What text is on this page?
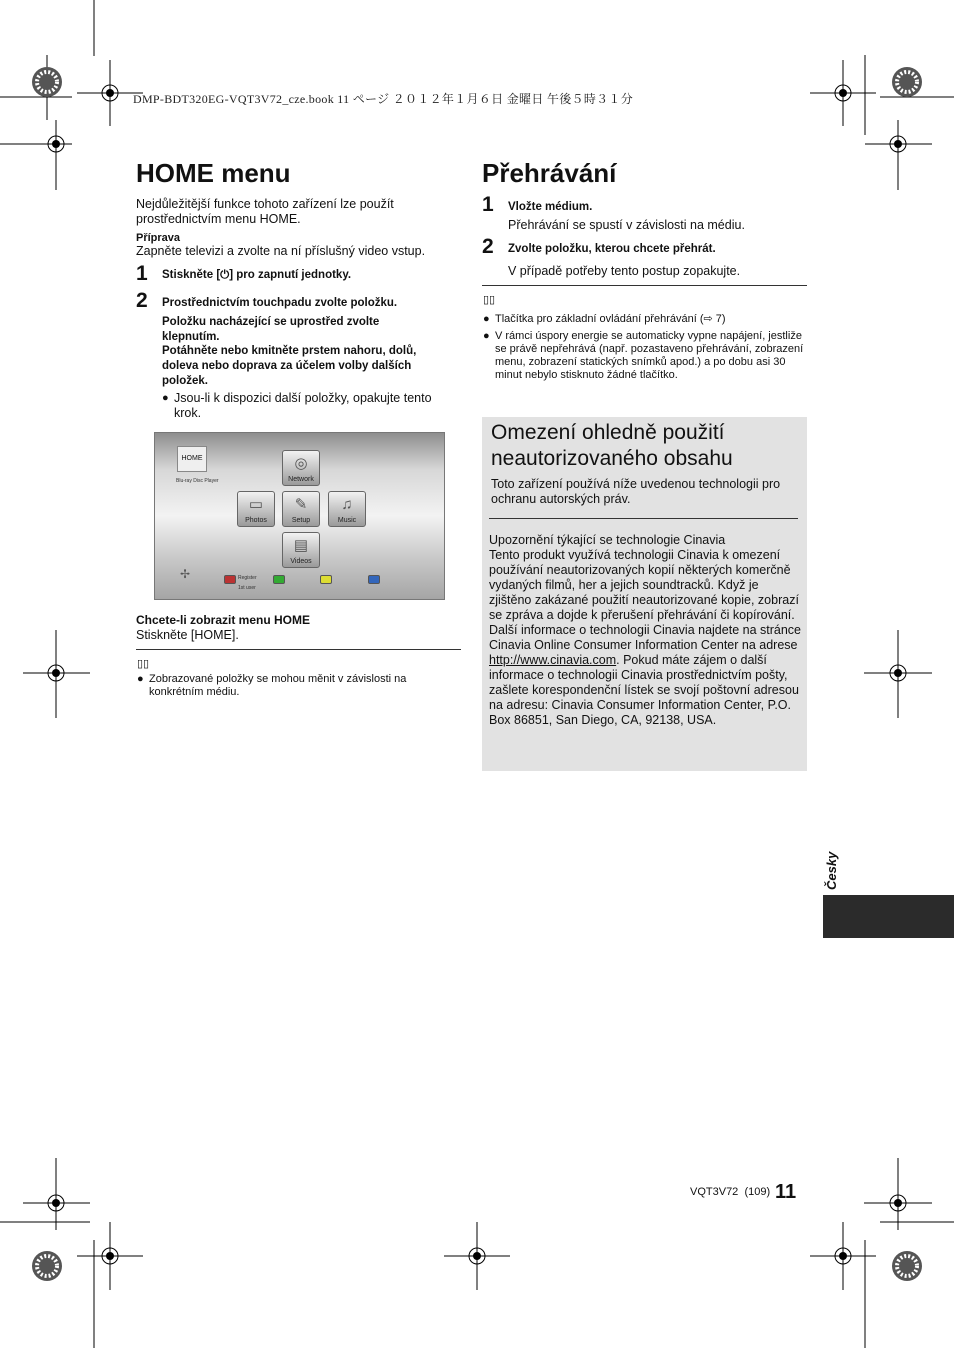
DMP-BDT320EG-VQT3V72_cze.book 11 ページ ２０１２年１月６日 金曜日 午後５時３１分
HOME menu
Nejdůležitější funkce tohoto zařízení lze použít prostřednictvím menu HOME.
Příprava
Zapněte televizi a zvolte na ní příslušný video vstup.
1 Stiskněte [⏻] pro zapnutí jednotky.
2 Prostřednictvím touchpadu zvolte položku.
Položku nacházející se uprostřed zvolte klepnutím.
Potáhněte nebo kmitněte prstem nahoru, dolů, doleva nebo doprava za účelem volby dalších položek.
● Jsou-li k dispozici další položky, opakujte tento krok.
HOME
Blu-ray Disc Player
◎
Network
▭
Photos
✎
Setup
♫
Music
▤
Videos
✢	Register
1st user
Chcete-li zobrazit menu HOME
Stiskněte [HOME].
▯▯
● Zobrazované položky se mohou měnit v závislosti na konkrétním médiu.
Přehrávání
1 Vložte médium.
Přehrávání se spustí v závislosti na médiu.
2 Zvolte položku, kterou chcete přehrát.
V případě potřeby tento postup zopakujte.
▯▯
● Tlačítka pro základní ovládání přehrávání (⇨ 7)
● V rámci úspory energie se automaticky vypne napájení, jestliže se právě nepřehrává (např. pozastaveno přehrávání, zobrazení menu, zobrazení statických snímků apod.) a po dobu asi 30 minut nebylo stisknuto žádné tlačítko.
Omezení ohledně použití
neautorizovaného obsahu
Toto zařízení používá níže uvedenou technologii pro ochranu autorských práv.
Upozornění týkající se technologie Cinavia
Tento produkt využívá technologii Cinavia k omezení používání neautorizovaných kopií některých komerčně vydaných filmů, her a jejich soundtracků. Když je zjištěno zakázané použití neautorizované kopie, zobrazí se zpráva a dojde k přerušení přehrávání či kopírování.
Další informace o technologii Cinavia najdete na stránce Cinavia Online Consumer Information Center na adrese http://www.cinavia.com. Pokud máte zájem o další informace o technologii Cinavia prostřednictvím pošty, zašlete korespondenční lístek se svojí poštovní adresou na adresu: Cinavia Consumer Information Center, P.O. Box 86851, San Diego, CA, 92138, USA.
Česky
VQT3V72 (109) 11
